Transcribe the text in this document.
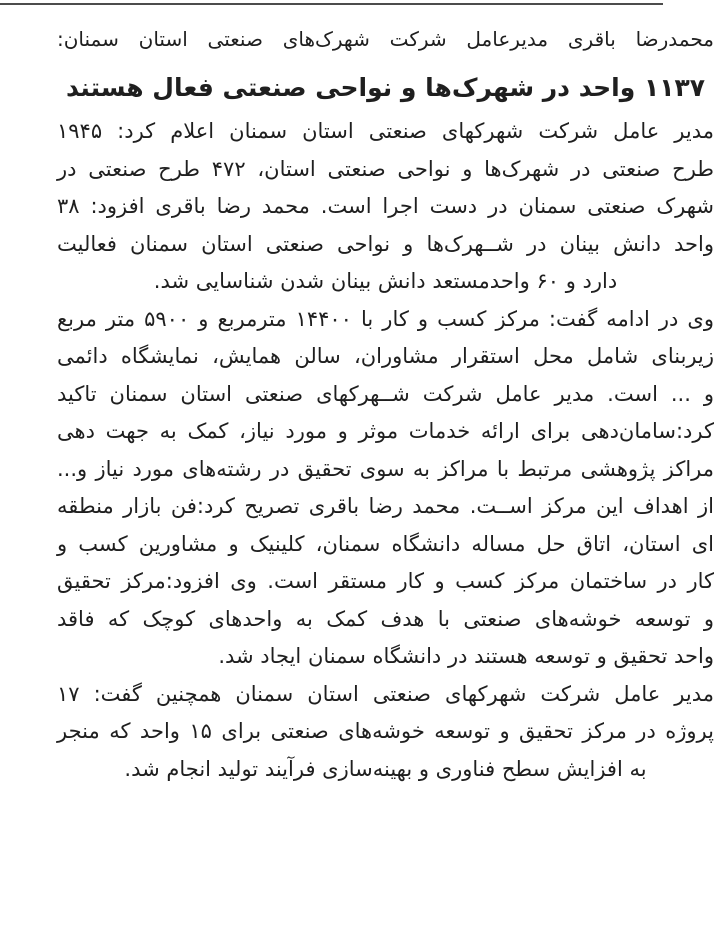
محمدرضا باقری مدیرعامل شرکت شهرک‌های صنعتی استان سمنان:
۱۱۳۷ واحد در شهرک‌ها و نواحی صنعتی فعال هستند
مدیر عامل شرکت شهرکهای صنعتی استان سمنان اعلام کرد: ۱۹۴۵
طرح صنعتی در شهرک‌ها و نواحی صنعتی استان، ۴۷۲ طرح صنعتی در
شهرک صنعتی سمنان در دست اجرا است. محمد رضا باقری افزود: ۳۸
واحد دانش بینان در شــهرک‌ها و نواحی صنعتی استان سمنان فعالیت
دارد و ۶۰ واحدمستعد دانش بینان شدن شناسایی شد.
وی در ادامه گفت: مرکز کسب و کار با ۱۴۴۰۰ مترمربع و ۵۹۰۰ متر مربع
زیربنای شامل محل استقرار مشاوران، سالن همایش، نمایشگاه دائمی
و ... است. مدیر عامل شرکت شــهرکهای صنعتی استان سمنان تاکید
کرد:سامان‌دهی برای ارائه خدمات موثر و مورد نیاز، کمک به جهت دهی
مراکز پژوهشی مرتبط با مراکز به سوی تحقیق در رشته‌های مورد نیاز و...
از اهداف این مرکز اســت. محمد رضا باقری تصریح کرد:فن بازار منطقه
ای استان، اتاق حل مساله دانشگاه سمنان، کلینیک و مشاورین کسب و
کار در ساختمان مرکز کسب و کار مستقر است. وی افزود:مرکز تحقیق
و توسعه خوشه‌های صنعتی با هدف کمک به واحدهای کوچک که فاقد
واحد تحقیق و توسعه هستند در دانشگاه سمنان ایجاد شد.
مدیر عامل شرکت شهرکهای صنعتی استان سمنان همچنین گفت: ۱۷
پروژه در مرکز تحقیق و توسعه خوشه‌های صنعتی برای ۱۵ واحد که منجر
به افزایش سطح فناوری و بهینه‌سازی فرآیند تولید انجام شد.
